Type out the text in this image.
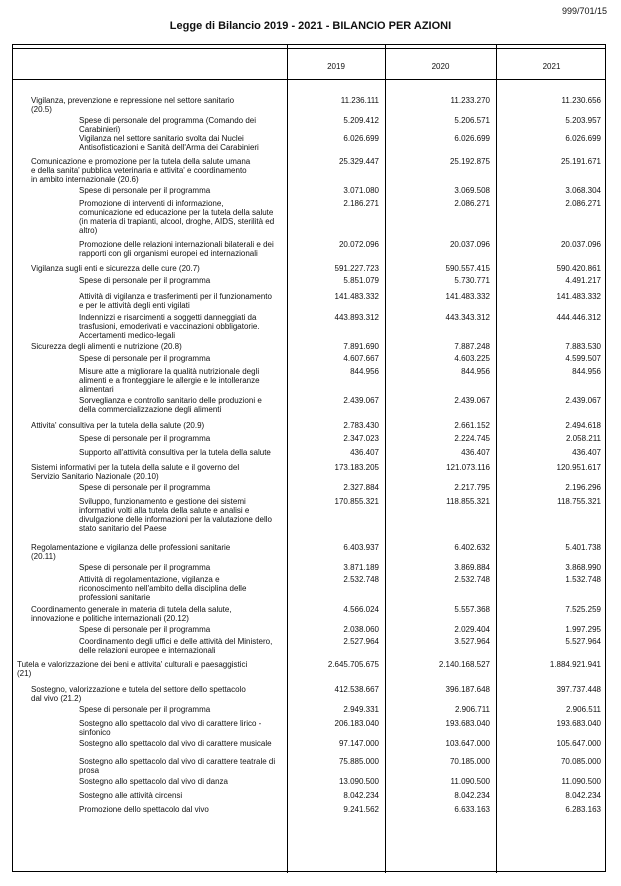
999/701/15
Legge di Bilancio 2019 - 2021 - BILANCIO PER AZIONI
2019	2020	2021
Vigilanza, prevenzione e repressione nel settore sanitario
(20.5)
11.236.111	11.233.270	11.230.656
Spese di personale del programma (Comando dei
Carabinieri)
5.209.412	5.206.571	5.203.957
Vigilanza nel settore sanitario svolta dai Nuclei
Antisofisticazioni e Sanità dell'Arma dei Carabinieri
6.026.699	6.026.699	6.026.699
Comunicazione e promozione per la tutela della salute umana
e della sanita' pubblica veterinaria e attivita' e coordinamento
in ambito internazionale (20.6)
25.329.447	25.192.875	25.191.671
Spese di personale per il programma	3.071.080	3.069.508	3.068.304
Promozione di interventi di informazione,
comunicazione ed educazione per la tutela della salute
(in materia di trapianti, alcool, droghe, AIDS, sterilità ed
altro)
2.186.271	2.086.271	2.086.271
Promozione delle relazioni internazionali bilaterali e dei
rapporti con gli organismi europei ed internazionali
20.072.096	20.037.096	20.037.096
Vigilanza sugli enti e sicurezza delle cure (20.7)	591.227.723	590.557.415	590.420.861
Spese di personale per il programma	5.851.079	5.730.771	4.491.217
Attività di vigilanza e trasferimenti per il funzionamento
e per le attività degli enti vigilati
141.483.332	141.483.332	141.483.332
Indennizzi e risarcimenti a soggetti danneggiati da
trasfusioni, emoderivati e vaccinazioni obbligatorie.
Accertamenti medico-legali
443.893.312	443.343.312	444.446.312
Sicurezza degli alimenti e nutrizione (20.8)	7.891.690	7.887.248	7.883.530
Spese di personale per il programma	4.607.667	4.603.225	4.599.507
Misure atte a migliorare la qualità nutrizionale degli
alimenti e a fronteggiare le allergie e le intolleranze
alimentari
844.956	844.956	844.956
Sorveglianza e controllo sanitario delle produzioni e
della commercializzazione degli alimenti
2.439.067	2.439.067	2.439.067
Attivita' consultiva per la tutela della salute (20.9)	2.783.430	2.661.152	2.494.618
Spese di personale per il programma	2.347.023	2.224.745	2.058.211
Supporto all'attività consultiva per la tutela della salute	436.407	436.407	436.407
Sistemi informativi per la tutela della salute e il governo del
Servizio Sanitario Nazionale (20.10)
173.183.205	121.073.116	120.951.617
Spese di personale per il programma	2.327.884	2.217.795	2.196.296
Sviluppo, funzionamento e gestione dei sistemi
informativi volti alla tutela della salute e analisi e
divulgazione delle informazioni per la valutazione dello
stato sanitario del Paese
170.855.321	118.855.321	118.755.321
Regolamentazione e vigilanza delle professioni sanitarie
(20.11)
6.403.937	6.402.632	5.401.738
Spese di personale per il programma	3.871.189	3.869.884	3.868.990
Attività di regolamentazione, vigilanza e
riconoscimento nell'ambito della disciplina delle
professioni sanitarie
2.532.748	2.532.748	1.532.748
Coordinamento generale in materia di tutela della salute,
innovazione e politiche internazionali (20.12)
4.566.024	5.557.368	7.525.259
Spese di personale per il programma	2.038.060	2.029.404	1.997.295
Coordinamento degli uffici e delle attività del Ministero,
delle relazioni europee e internazionali
2.527.964	3.527.964	5.527.964
Tutela e valorizzazione dei beni e attivita' culturali e paesaggistici
(21)
2.645.705.675	2.140.168.527	1.884.921.941
Sostegno, valorizzazione e tutela del settore dello spettacolo
dal vivo (21.2)
412.538.667	396.187.648	397.737.448
Spese di personale per il programma	2.949.331	2.906.711	2.906.511
Sostegno allo spettacolo dal vivo di carattere lirico -
sinfonico
206.183.040	193.683.040	193.683.040
Sostegno allo spettacolo dal vivo di carattere musicale	97.147.000	103.647.000	105.647.000
Sostegno allo spettacolo dal vivo di carattere teatrale di
prosa
75.885.000	70.185.000	70.085.000
Sostegno allo spettacolo dal vivo di danza	13.090.500	11.090.500	11.090.500
Sostegno alle attività circensi	8.042.234	8.042.234	8.042.234
Promozione dello spettacolo dal vivo	9.241.562	6.633.163	6.283.163
